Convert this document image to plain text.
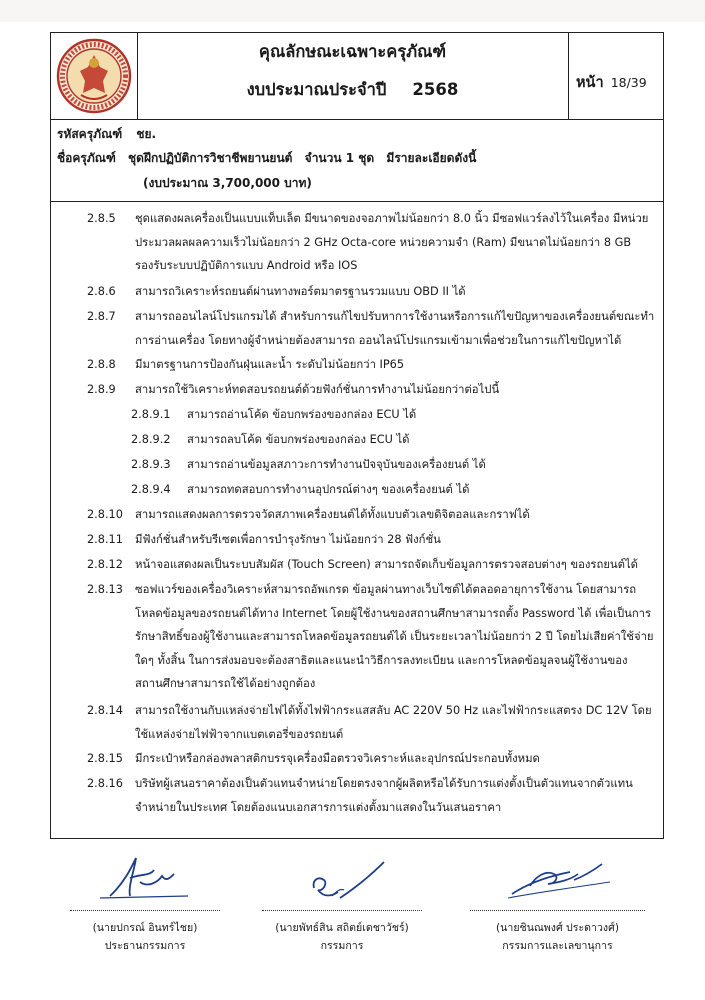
คุณลักษณะเฉพาะครุภัณฑ์
งบประมาณประจำปี 2568	หน้า 18/39
รหัสครุภัณฑ์ ชย.
ชื่อครุภัณฑ์ ชุดฝึกปฏิบัติการวิชาชีพยานยนต์ จำนวน 1 ชุด มีรายละเอียดดังนี้
(งบประมาณ 3,700,000 บาท)
2.8.5	ชุดแสดงผลเครื่องเป็นแบบแท็บเล็ต มีขนาดของจอภาพไม่น้อยกว่า 8.0 นิ้ว มีซอฟแวร์ลงไว้ในเครื่อง มีหน่วย
ประมวลผลผลความเร็วไม่น้อยกว่า 2 GHz Octa-core หน่วยความจำ (Ram) มีขนาดไม่น้อยกว่า 8 GB
รองรับระบบปฏิบัติการแบบ Android หรือ IOS
2.8.6	สามารถวิเคราะห์รถยนต์ผ่านทางพอร์ตมาตรฐานรวมแบบ OBD II ได้
2.8.7	สามารถออนไลน์โปรแกรมได้ สำหรับการแก้ไขปรับหาการใช้งานหรือการแก้ไขปัญหาของเครื่องยนต์ขณะทำ
การอ่านเครื่อง โดยทางผู้จำหน่ายต้องสามารถ ออนไลน์โปรแกรมเข้ามาเพื่อช่วยในการแก้ไขปัญหาได้
2.8.8	มีมาตรฐานการป้องกันฝุ่นและน้ำ ระดับไม่น้อยกว่า IP65
2.8.9	สามารถใช้วิเคราะห์ทดสอบรถยนต์ด้วยฟังก์ชั่นการทำงานไม่น้อยกว่าต่อไปนี้
2.8.9.1	สามารถอ่านโค้ด ข้อบกพร่องของกล่อง ECU ได้
2.8.9.2	สามารถลบโค้ด ข้อบกพร่องของกล่อง ECU ได้
2.8.9.3	สามารถอ่านข้อมูลสภาวะการทำงานปัจจุบันของเครื่องยนต์ ได้
2.8.9.4	สามารถทดสอบการทำงานอุปกรณ์ต่างๆ ของเครื่องยนต์ ได้
2.8.10	สามารถแสดงผลการตรวจวัดสภาพเครื่องยนต์ได้ทั้งแบบตัวเลขดิจิตอลและกราฟได้
2.8.11	มีฟังก์ชั่นสำหรับรีเซตเพื่อการบำรุงรักษา ไม่น้อยกว่า 28 ฟังก์ชั่น
2.8.12	หน้าจอแสดงผลเป็นระบบสัมผัส (Touch Screen) สามารถจัดเก็บข้อมูลการตรวจสอบต่างๆ ของรถยนต์ได้
2.8.13	ซอฟแวร์ของเครื่องวิเคราะห์สามารถอัพเกรด ข้อมูลผ่านทางเว็บไซต์ได้ตลอดอายุการใช้งาน โดยสามารถ
โหลดข้อมูลของรถยนต์ได้ทาง Internet โดยผู้ใช้งานของสถานศึกษาสามารถตั้ง Password ได้ เพื่อเป็นการ
รักษาสิทธิ์ของผู้ใช้งานและสามารถโหลดข้อมูลรถยนต์ได้ เป็นระยะเวลาไม่น้อยกว่า 2 ปี โดยไม่เสียค่าใช้จ่าย
ใดๆ ทั้งสิ้น ในการส่งมอบจะต้องสาธิตและแนะนำวิธีการลงทะเบียน และการโหลดข้อมูลจนผู้ใช้งานของ
สถานศึกษาสามารถใช้ได้อย่างถูกต้อง
2.8.14	สามารถใช้งานกับแหล่งจ่ายไฟได้ทั้งไฟฟ้ากระแสสลับ AC 220V 50 Hz และไฟฟ้ากระแสตรง DC 12V โดย
ใช้แหล่งจ่ายไฟฟ้าจากแบตเตอรี่ของรถยนต์
2.8.15	มีกระเป๋าหรือกล่องพลาสติกบรรจุเครื่องมือตรวจวิเคราะห์และอุปกรณ์ประกอบทั้งหมด
2.8.16	บริษัทผู้เสนอราคาต้องเป็นตัวแทนจำหน่ายโดยตรงจากผู้ผลิตหรือได้รับการแต่งตั้งเป็นตัวแทนจากตัวแทน
จำหน่ายในประเทศ โดยต้องแนบเอกสารการแต่งตั้งมาแสดงในวันเสนอราคา
(นายปกรณ์ อินทร์ไชย)
ประธานกรรมการ
(นายพัทธ์สิน สถิตย์เดชาวัชร์)
กรรมการ
(นายชินณพงศ์ ประดาวงศ์)
กรรมการและเลขานุการ
